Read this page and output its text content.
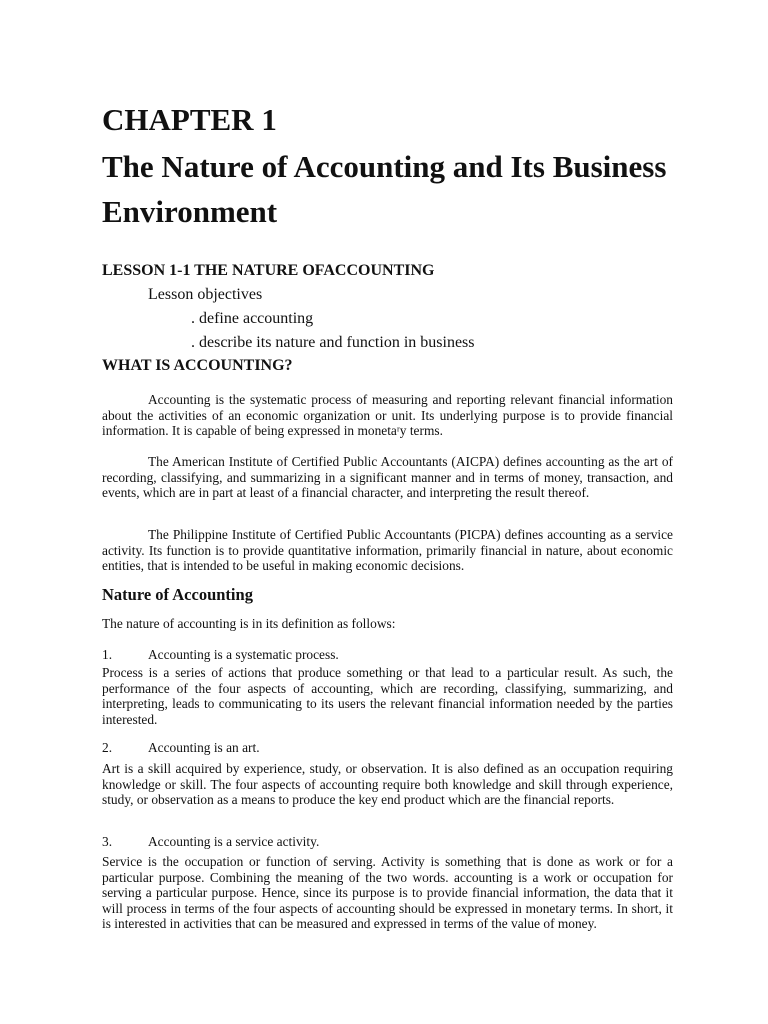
CHAPTER 1
The Nature of Accounting and Its Business Environment
LESSON 1-1 THE NATURE OFACCOUNTING
Lesson objectives
. define accounting
. describe its nature and function in business
WHAT IS ACCOUNTING?

Accounting is the systematic process of measuring and reporting relevant financial information about the activities of an economic organization or unit. Its underlying purpose is to provide financial information. It is capable of being expressed in monetaʳy terms.

The American Institute of Certified Public Accountants (AICPA) defines accounting as the art of recording, classifying, and summarizing in a significant manner and in terms of money, transaction, and events, which are in part at least of a financial character, and interpreting the result thereof.

The Philippine Institute of Certified Public Accountants (PICPA) defines accounting as a service activity. Its function is to provide quantitative information, primarily financial in nature, about economic entities, that is intended to be useful in making economic decisions.

Nature of Accounting
The nature of accounting is in its definition as follows:
1.	Accounting is a systematic process.

Process is a series of actions that produce something or that lead to a particular result. As such, the performance of the four aspects of accounting, which are recording, classifying, summarizing, and interpreting, leads to communicating to its users the relevant financial information needed by the parties interested.

2.	Accounting is an art.

Art is a skill acquired by experience, study, or observation. It is also defined as an occupation requiring knowledge or skill. The four aspects of accounting require both knowledge and skill through experience, study, or observation as a means to produce the key end product which are the financial reports.

3.	Accounting is a service activity.

Service is the occupation or function of serving. Activity is something that is done as work or for a particular purpose. Combining the meaning of the two words. accounting is a work or occupation for serving a particular purpose. Hence, since its purpose is to provide financial information, the data that it will process in terms of the four aspects of accounting should be expressed in monetary terms. In short, it is interested in activities that can be measured and expressed in terms of the value of money.
